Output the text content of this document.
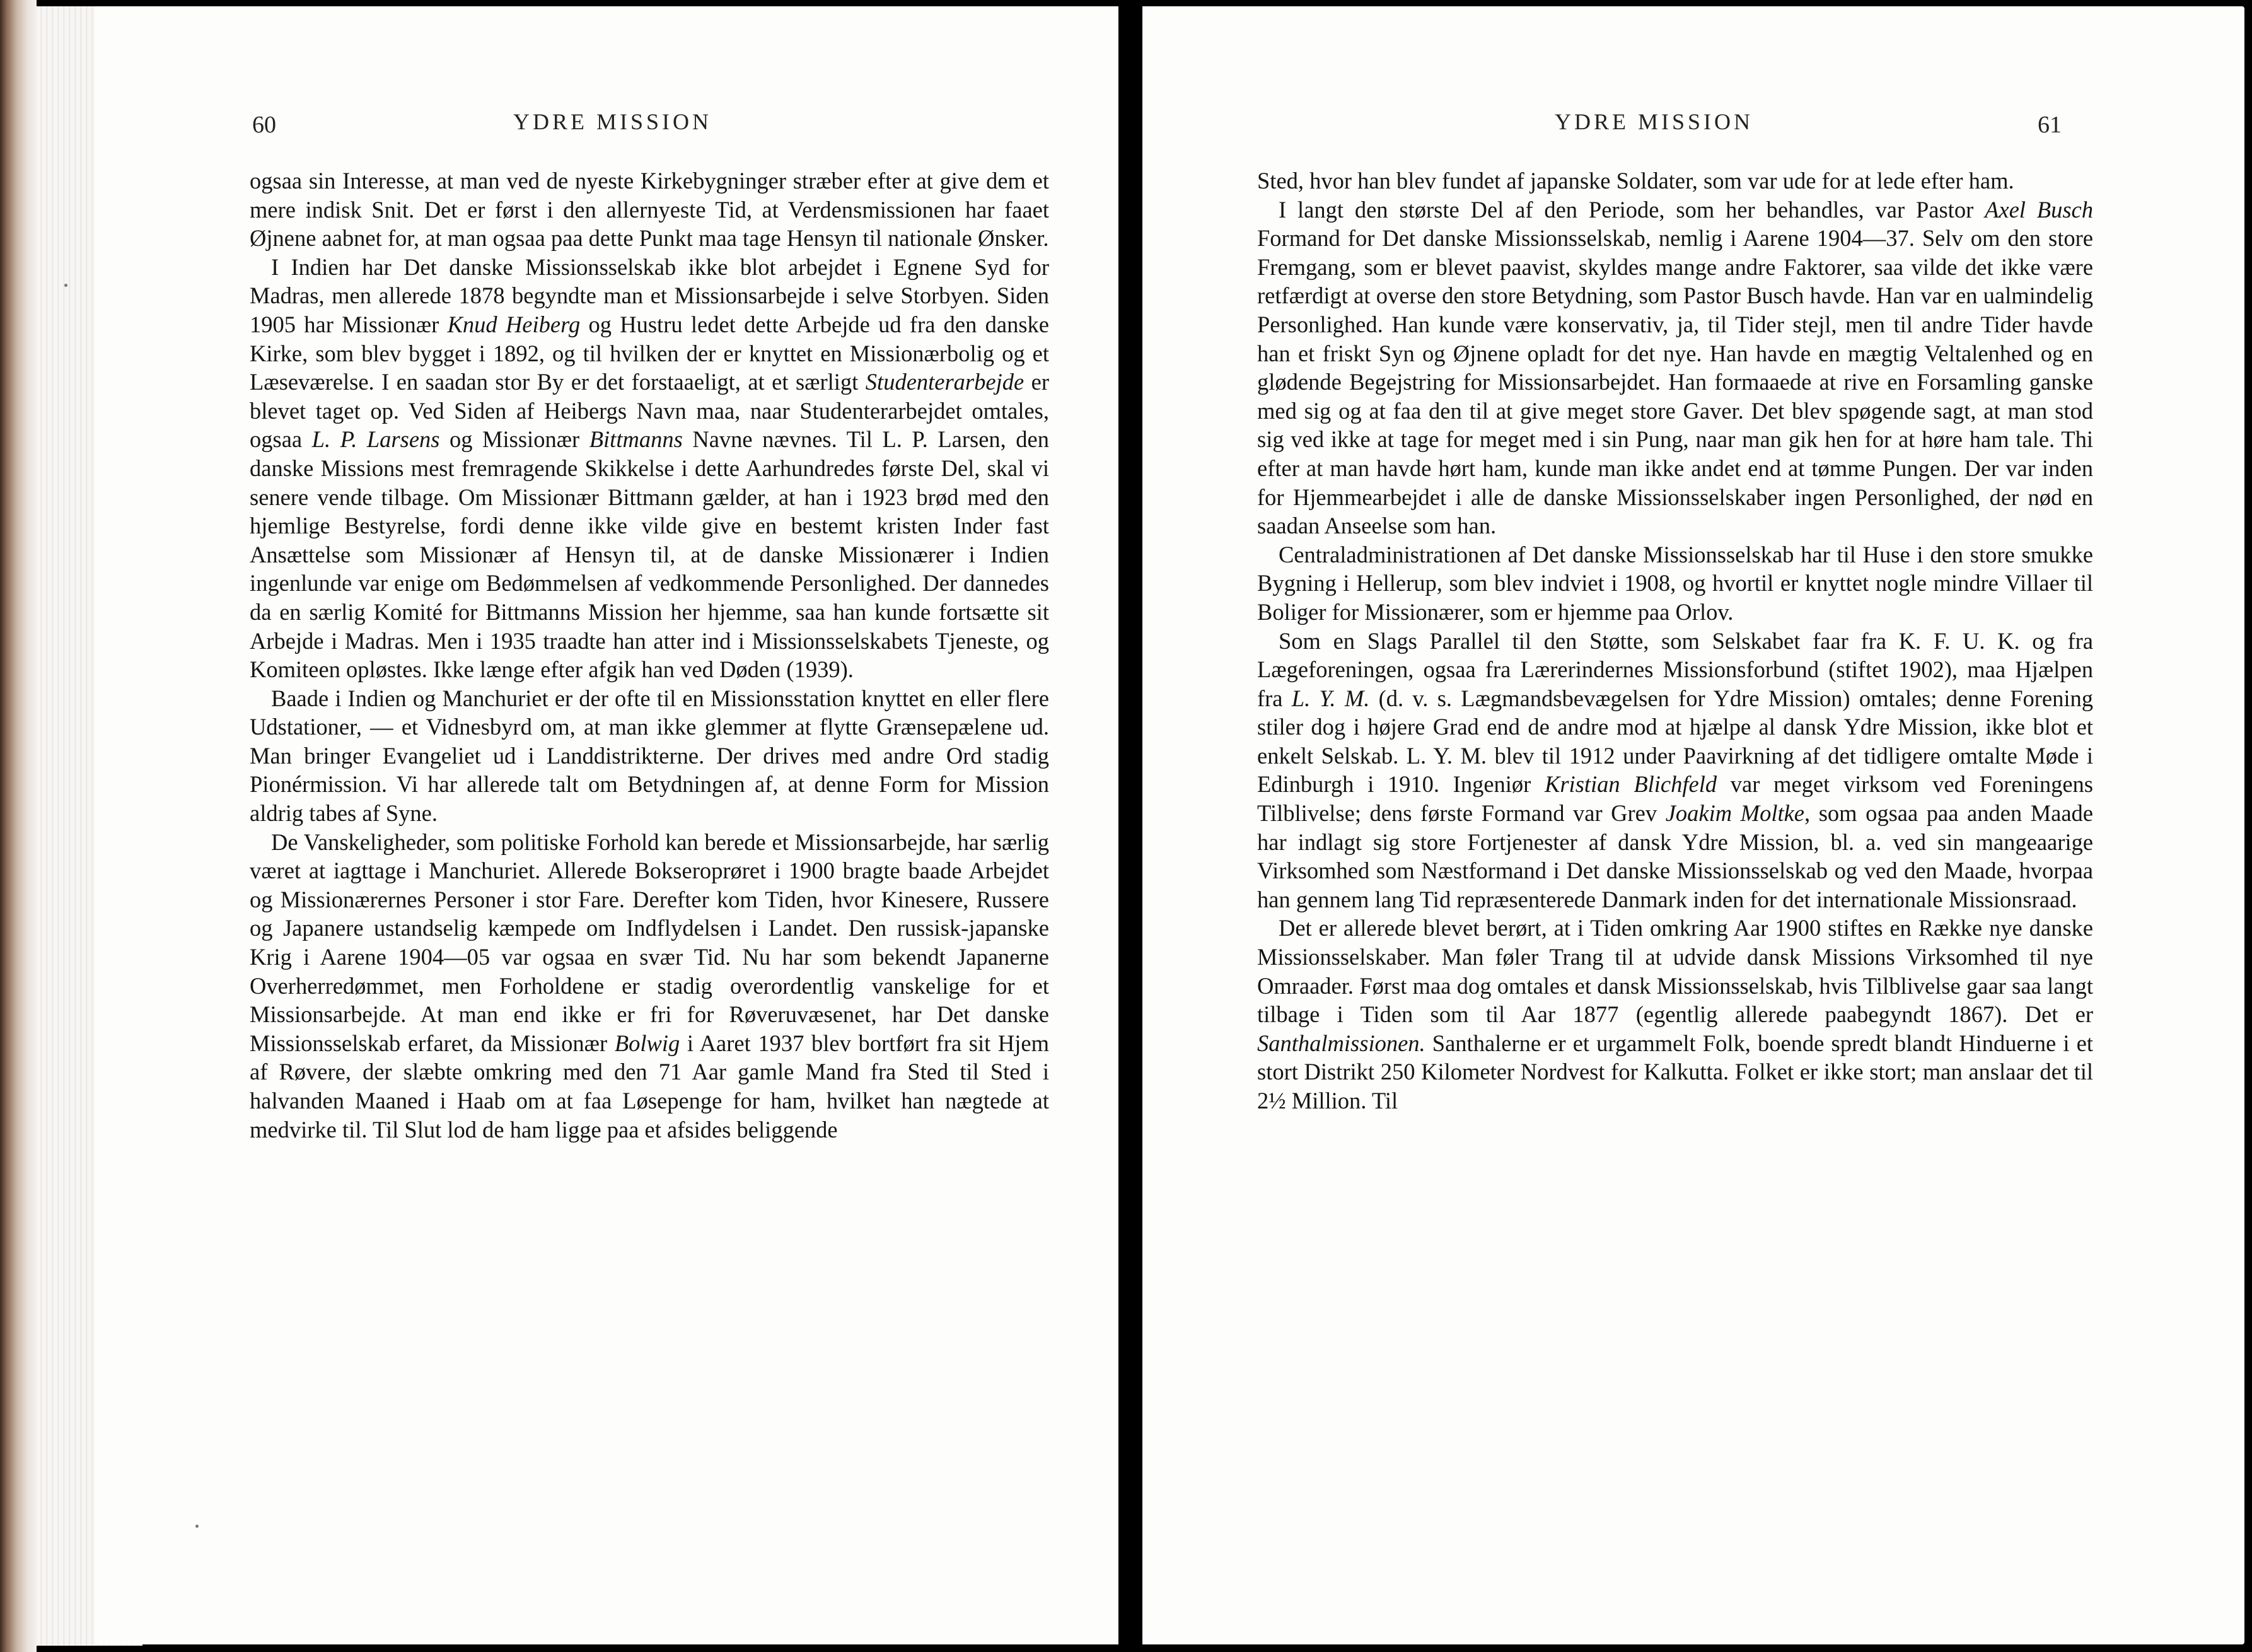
60	YDRE MISSION

ogsaa sin Interesse, at man ved de nyeste Kirkebygninger stræber efter at give dem et mere indisk Snit. Det er først i den allernyeste Tid, at Verdensmissionen har faaet Øjnene aabnet for, at man ogsaa paa dette Punkt maa tage Hensyn til nationale Ønsker.

I Indien har Det danske Missionsselskab ikke blot arbejdet i Egnene Syd for Madras, men allerede 1878 begyndte man et Missionsarbejde i selve Storbyen. Siden 1905 har Missionær Knud Heiberg og Hustru ledet dette Arbejde ud fra den danske Kirke, som blev bygget i 1892, og til hvilken der er knyttet en Missionærbolig og et Læseværelse. I en saadan stor By er det forstaaeligt, at et særligt Studenterarbejde er blevet taget op. Ved Siden af Heibergs Navn maa, naar Studenterarbejdet omtales, ogsaa L. P. Larsens og Missionær Bittmanns Navne nævnes. Til L. P. Larsen, den danske Missions mest fremragende Skikkelse i dette Aarhundredes første Del, skal vi senere vende tilbage. Om Missionær Bittmann gælder, at han i 1923 brød med den hjemlige Bestyrelse, fordi denne ikke vilde give en bestemt kristen Inder fast Ansættelse som Missionær af Hensyn til, at de danske Missionærer i Indien ingenlunde var enige om Bedømmelsen af vedkommende Personlighed. Der dannedes da en særlig Komité for Bittmanns Mission her hjemme, saa han kunde fortsætte sit Arbejde i Madras. Men i 1935 traadte han atter ind i Missionsselskabets Tjeneste, og Komiteen opløstes. Ikke længe efter afgik han ved Døden (1939).

Baade i Indien og Manchuriet er der ofte til en Missionsstation knyttet en eller flere Udstationer, — et Vidnesbyrd om, at man ikke glemmer at flytte Grænsepælene ud. Man bringer Evangeliet ud i Landdistrikterne. Der drives med andre Ord stadig Pionérmission. Vi har allerede talt om Betydningen af, at denne Form for Mission aldrig tabes af Syne.

De Vanskeligheder, som politiske Forhold kan berede et Missionsarbejde, har særlig været at iagttage i Manchuriet. Allerede Bokseroprøret i 1900 bragte baade Arbejdet og Missionærernes Personer i stor Fare. Derefter kom Tiden, hvor Kinesere, Russere og Japanere ustandselig kæmpede om Indflydelsen i Landet. Den russisk-japanske Krig i Aarene 1904—05 var ogsaa en svær Tid. Nu har som bekendt Japanerne Overherredømmet, men Forholdene er stadig overordentlig vanskelige for et Missionsarbejde. At man end ikke er fri for Røveruvæsenet, har Det danske Missionsselskab erfaret, da Missionær Bolwig i Aaret 1937 blev bortført fra sit Hjem af Røvere, der slæbte omkring med den 71 Aar gamle Mand fra Sted til Sted i halvanden Maaned i Haab om at faa Løsepenge for ham, hvilket han nægtede at medvirke til. Til Slut lod de ham ligge paa et afsides beliggende

YDRE MISSION	61

Sted, hvor han blev fundet af japanske Soldater, som var ude for at lede efter ham.

I langt den største Del af den Periode, som her behandles, var Pastor Axel Busch Formand for Det danske Missionsselskab, nemlig i Aarene 1904—37. Selv om den store Fremgang, som er blevet paavist, skyldes mange andre Faktorer, saa vilde det ikke være retfærdigt at overse den store Betydning, som Pastor Busch havde. Han var en ualmindelig Personlighed. Han kunde være konservativ, ja, til Tider stejl, men til andre Tider havde han et friskt Syn og Øjnene opladt for det nye. Han havde en mægtig Veltalenhed og en glødende Begejstring for Missionsarbejdet. Han formaaede at rive en Forsamling ganske med sig og at faa den til at give meget store Gaver. Det blev spøgende sagt, at man stod sig ved ikke at tage for meget med i sin Pung, naar man gik hen for at høre ham tale. Thi efter at man havde hørt ham, kunde man ikke andet end at tømme Pungen. Der var inden for Hjemmearbejdet i alle de danske Missionsselskaber ingen Personlighed, der nød en saadan Anseelse som han.

Centraladministrationen af Det danske Missionsselskab har til Huse i den store smukke Bygning i Hellerup, som blev indviet i 1908, og hvortil er knyttet nogle mindre Villaer til Boliger for Missionærer, som er hjemme paa Orlov.

Som en Slags Parallel til den Støtte, som Selskabet faar fra K. F. U. K. og fra Lægeforeningen, ogsaa fra Lærerindernes Missionsforbund (stiftet 1902), maa Hjælpen fra L. Y. M. (d. v. s. Lægmandsbevægelsen for Ydre Mission) omtales; denne Forening stiler dog i højere Grad end de andre mod at hjælpe al dansk Ydre Mission, ikke blot et enkelt Selskab. L. Y. M. blev til 1912 under Paavirkning af det tidligere omtalte Møde i Edinburgh i 1910. Ingeniør Kristian Blichfeld var meget virksom ved Foreningens Tilblivelse; dens første Formand var Grev Joakim Moltke, som ogsaa paa anden Maade har indlagt sig store Fortjenester af dansk Ydre Mission, bl. a. ved sin mangeaarige Virksomhed som Næstformand i Det danske Missionsselskab og ved den Maade, hvorpaa han gennem lang Tid repræsenterede Danmark inden for det internationale Missionsraad.

Det er allerede blevet berørt, at i Tiden omkring Aar 1900 stiftes en Række nye danske Missionsselskaber. Man føler Trang til at udvide dansk Missions Virksomhed til nye Omraader. Først maa dog omtales et dansk Missionsselskab, hvis Tilblivelse gaar saa langt tilbage i Tiden som til Aar 1877 (egentlig allerede paabegyndt 1867). Det er Santhalmissionen. Santhalerne er et urgammelt Folk, boende spredt blandt Hinduerne i et stort Distrikt 250 Kilometer Nordvest for Kalkutta. Folket er ikke stort; man anslaar det til 2½ Million. Til
